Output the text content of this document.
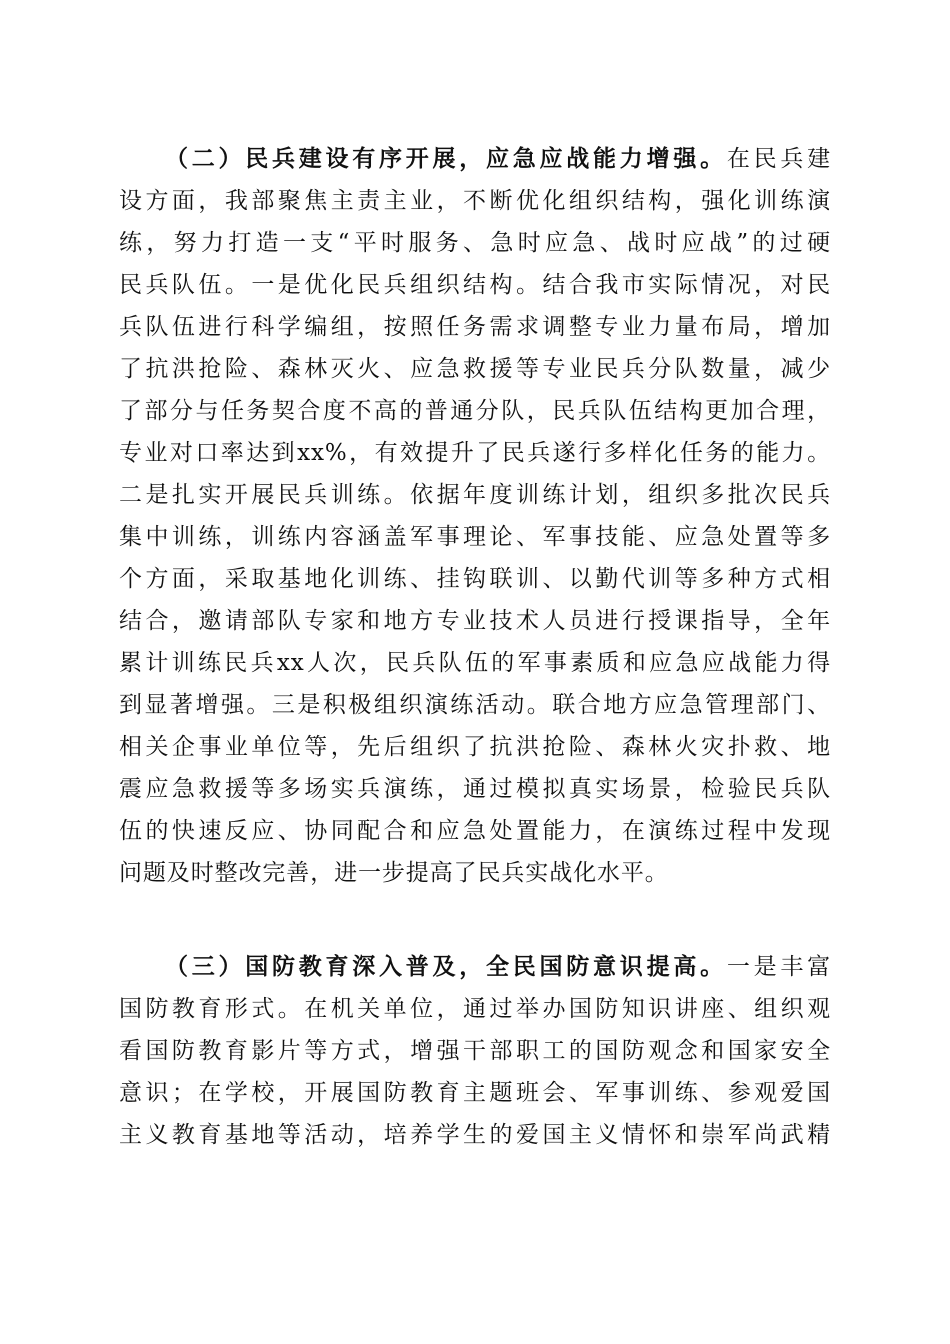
（二）民兵建设有序开展，应急应战能力增强。在民兵建
设方面，我部聚焦主责主业，不断优化组织结构，强化训练演
练，努力打造一支“平时服务、急时应急、战时应战”的过硬
民兵队伍。一是优化民兵组织结构。结合我市实际情况，对民
兵队伍进行科学编组，按照任务需求调整专业力量布局，增加
了抗洪抢险、森林灭火、应急救援等专业民兵分队数量，减少
了部分与任务契合度不高的普通分队，民兵队伍结构更加合理，
专业对口率达到xx%，有效提升了民兵遂行多样化任务的能力。
二是扎实开展民兵训练。依据年度训练计划，组织多批次民兵
集中训练，训练内容涵盖军事理论、军事技能、应急处置等多
个方面，采取基地化训练、挂钩联训、以勤代训等多种方式相
结合，邀请部队专家和地方专业技术人员进行授课指导，全年
累计训练民兵xx人次，民兵队伍的军事素质和应急应战能力得
到显著增强。三是积极组织演练活动。联合地方应急管理部门、
相关企事业单位等，先后组织了抗洪抢险、森林火灾扑救、地
震应急救援等多场实兵演练，通过模拟真实场景，检验民兵队
伍的快速反应、协同配合和应急处置能力，在演练过程中发现
问题及时整改完善，进一步提高了民兵实战化水平。
（三）国防教育深入普及，全民国防意识提高。一是丰富
国防教育形式。在机关单位，通过举办国防知识讲座、组织观
看国防教育影片等方式，增强干部职工的国防观念和国家安全
意识；在学校，开展国防教育主题班会、军事训练、参观爱国
主义教育基地等活动，培养学生的爱国主义情怀和崇军尚武精
